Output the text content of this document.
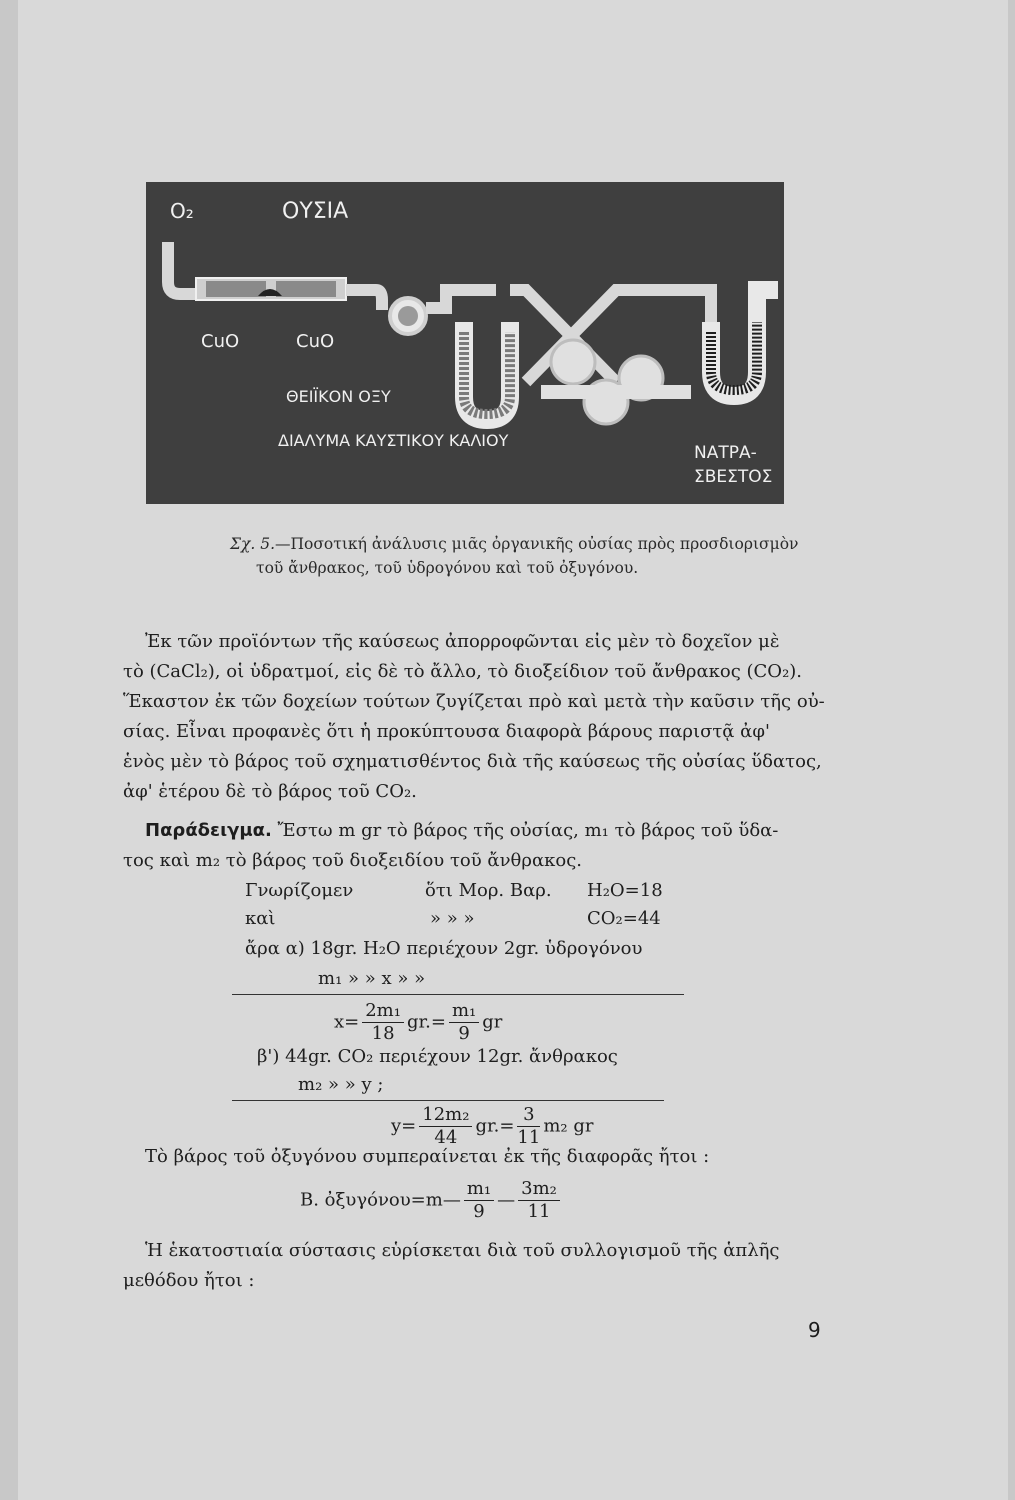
O₂	ΟΥΣΙΑ
CuO	CuO
ΘΕΙΪΚΟΝ ΟΞΥ
ΔΙΑΛΥΜΑ ΚΑΥΣΤΙΚΟΥ ΚΑΛΙΟΥ
ΝΑΤΡΑ-
ΣΒΕΣΤΟΣ
Σχ. 5.—Ποσοτική ἀνάλυσις μιᾶς ὀργανικῆς οὐσίας πρὸς προσδιορισμὸν
τοῦ ἄνθρακος, τοῦ ὑδρογόνου καὶ τοῦ ὀξυγόνου.
Ἐκ τῶν προϊόντων τῆς καύσεως ἀπορροφῶνται εἰς μὲν τὸ δοχεῖον μὲ
τὸ (CaCl₂), οἱ ὑδρατμοί, εἰς δὲ τὸ ἄλλο, τὸ διοξείδιον τοῦ ἄνθρακος (CO₂).
Ἕκαστον ἐκ τῶν δοχείων τούτων ζυγίζεται πρὸ καὶ μετὰ τὴν καῦσιν τῆς οὐ-
σίας. Εἶναι προφανὲς ὅτι ἡ προκύπτουσα διαφορὰ βάρους παριστᾷ ἀφ'
ἑνὸς μὲν τὸ βάρος τοῦ σχηματισθέντος διὰ τῆς καύσεως τῆς οὐσίας ὕδατος,
ἀφ' ἑτέρου δὲ τὸ βάρος τοῦ CO₂.
Παράδειγμα. Ἔστω m gr τὸ βάρος τῆς οὐσίας, m₁ τὸ βάρος τοῦ ὕδα-
τος καὶ m₂ τὸ βάρος τοῦ διοξειδίου τοῦ ἄνθρακος.
Γνωρίζομεν	ὅτι Μορ. Βαρ. H₂O=18
καὶ	» » »	CO₂=44
ἄρα α) 18gr. H₂O περιέχουν 2gr. ὑδρογόνου
m₁ » » x » »
$x= \frac{\text{2m₁}}{18} gr.= \frac{\text{m₁}}{9}$ gr
β') 44gr. CO₂ περιέχουν 12gr. ἄνθρακος
m₂ » » y ;
$y= \frac{\text{12m₂}}{44} gr.= \frac{3}{11} m_2$ gr
Τὸ βάρος τοῦ ὀξυγόνου συμπεραίνεται ἐκ τῆς διαφορᾶς ἤτοι :
Β. ὀξυγόνου=m— $\frac{\text{m₁}}{9}$ — $\frac{\text{3m₂}}{11}$
Ἡ ἑκατοστιαία σύστασις εὑρίσκεται διὰ τοῦ συλλογισμοῦ τῆς ἁπλῆς
μεθόδου ἤτοι :
9
